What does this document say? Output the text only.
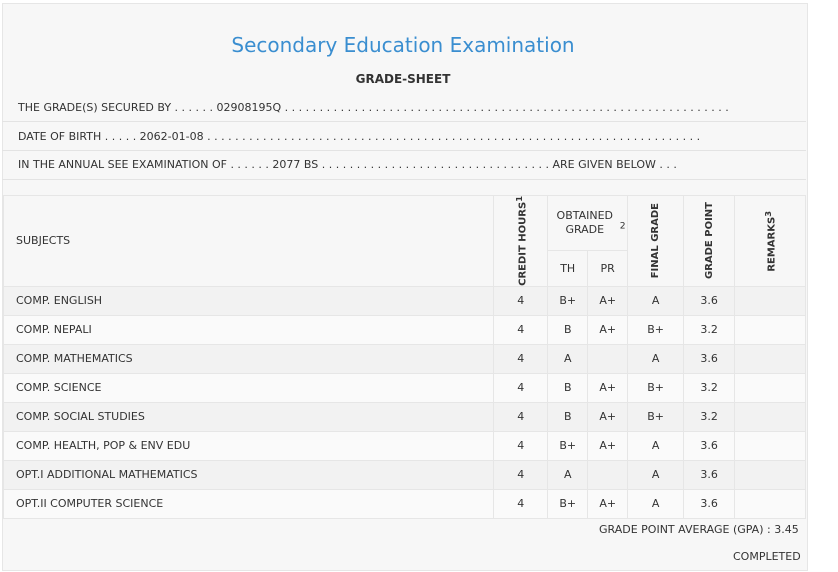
Secondary Education Examination
GRADE-SHEET
THE GRADE(S) SECURED BY . . . . . . 02908195Q . . . . . . . . . . . . . . . . . . . . . . . . . . . . . . . . . . . . . . . . . . . . . . . . . . . . . . . . . . . . . . . .
DATE OF BIRTH . . . . . 2062-01-08 . . . . . . . . . . . . . . . . . . . . . . . . . . . . . . . . . . . . . . . . . . . . . . . . . . . . . . . . . . . . . . . . . . . . . . .
IN THE ANNUAL SEE EXAMINATION OF . . . . . . 2077 BS . . . . . . . . . . . . . . . . . . . . . . . . . . . . . . . . . ARE GIVEN BELOW . . .
SUBJECTS	CREDIT HOURS$^1$	OBTAINED GRADE $^2$		FINAL GRADE	GRADE POINT	REMARKS$^3$

		TH	PR			
COMP. ENGLISH	4	B+	A+	A	3.6	
COMP. NEPALI	4	B	A+	B+	3.2	
COMP. MATHEMATICS	4	A		A	3.6	
COMP. SCIENCE	4	B	A+	B+	3.2	
COMP. SOCIAL STUDIES	4	B	A+	B+	3.2	
COMP. HEALTH, POP & ENV EDU	4	B+	A+	A	3.6	
OPT.I ADDITIONAL MATHEMATICS	4	A		A	3.6	
OPT.II COMPUTER SCIENCE	4	B+	A+	A	3.6	
GRADE POINT AVERAGE (GPA) : 3.45
COMPLETED
